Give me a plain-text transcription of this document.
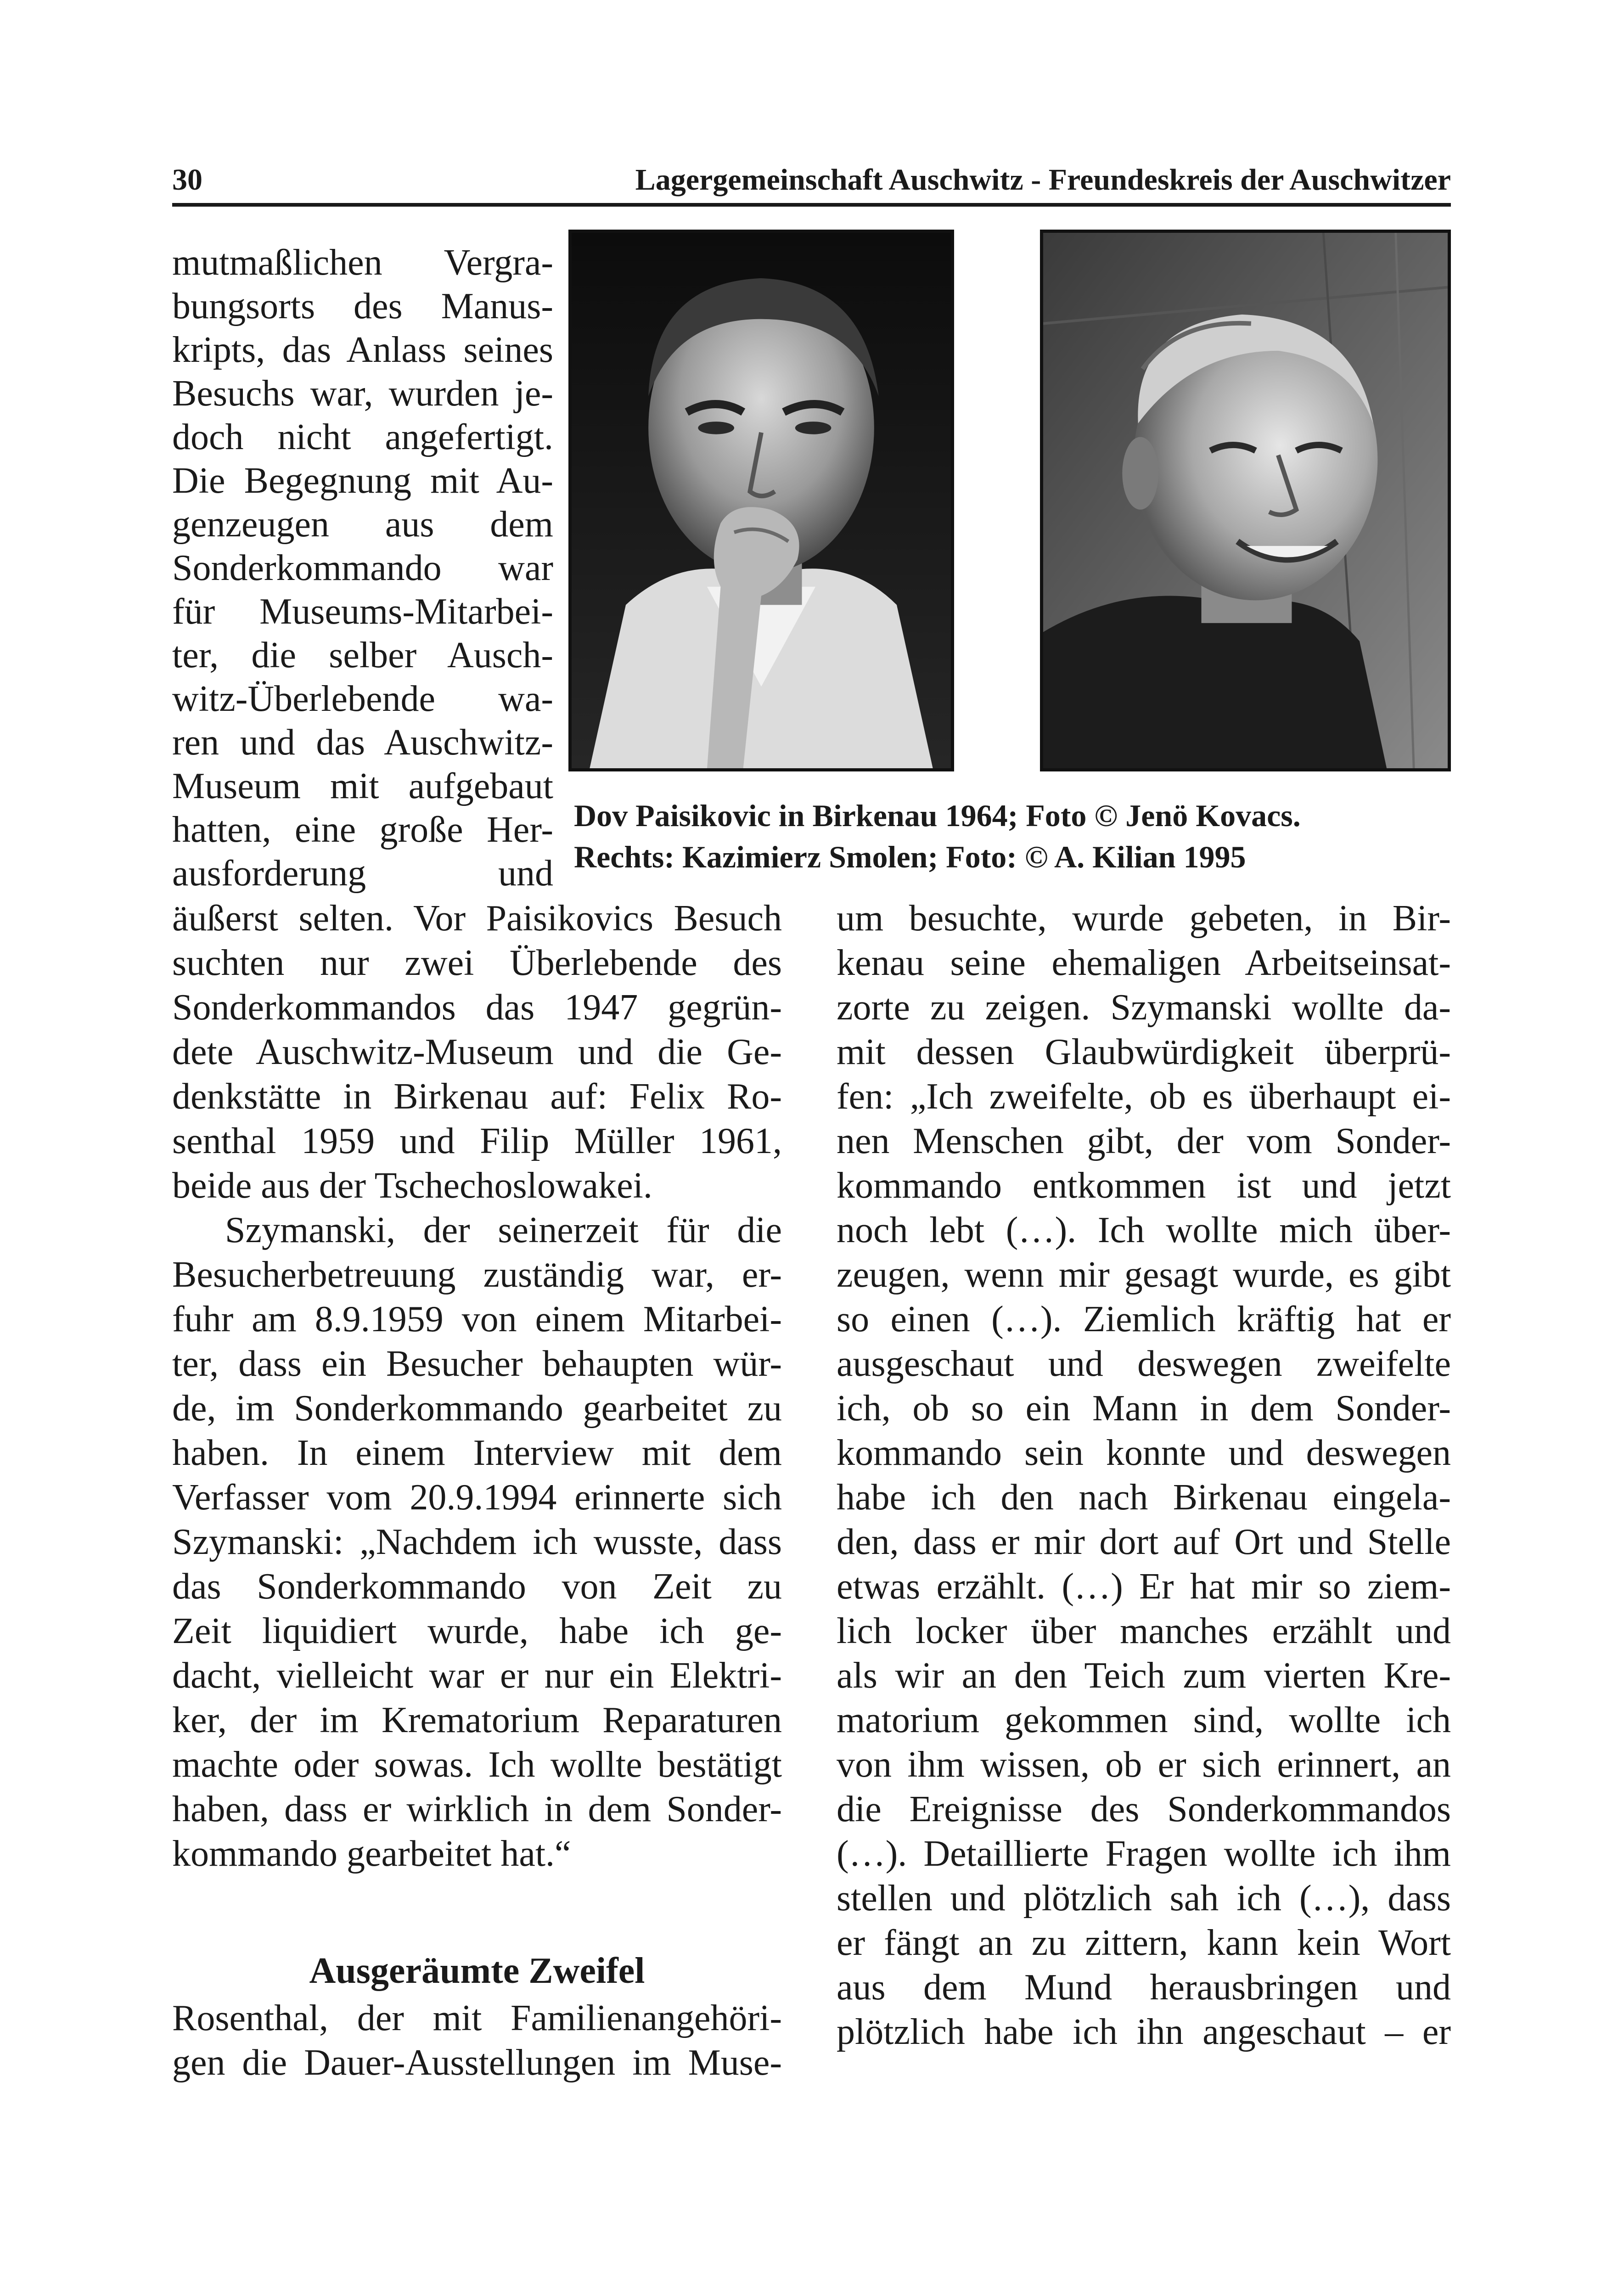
30	Lagergemeinschaft Auschwitz - Freundeskreis der Auschwitzer
mutmaßlichen Vergra-
bungsorts des Manus-
kripts, das Anlass seines
Besuchs war, wurden je-
doch nicht angefertigt.
Die Begegnung mit Au-
genzeugen aus dem
Sonderkommando war
für Museums-Mitarbei-
ter, die selber Ausch-
witz-Überlebende wa-
ren und das Auschwitz-
Museum mit aufgebaut
hatten, eine große Her-
ausforderung und
Dov Paisikovic in Birkenau 1964; Foto © Jenö Kovacs.
Rechts: Kazimierz Smolen; Foto: © A. Kilian 1995
äußerst selten. Vor Paisikovics Besuch
suchten nur zwei Überlebende des
Sonderkommandos das 1947 gegrün-
dete Auschwitz-Museum und die Ge-
denkstätte in Birkenau auf: Felix Ro-
senthal 1959 und Filip Müller 1961,
beide aus der Tschechoslowakei.
Szymanski, der seinerzeit für die
Besucherbetreuung zuständig war, er-
fuhr am 8.9.1959 von einem Mitarbei-
ter, dass ein Besucher behaupten wür-
de, im Sonderkommando gearbeitet zu
haben. In einem Interview mit dem
Verfasser vom 20.9.1994 erinnerte sich
Szymanski: „Nachdem ich wusste, dass
das Sonderkommando von Zeit zu
Zeit liquidiert wurde, habe ich ge-
dacht, vielleicht war er nur ein Elektri-
ker, der im Krematorium Reparaturen
machte oder sowas. Ich wollte bestätigt
haben, dass er wirklich in dem Sonder-
kommando gearbeitet hat.“
Ausgeräumte Zweifel
Rosenthal, der mit Familienangehöri-
gen die Dauer-Ausstellungen im Muse-
um besuchte, wurde gebeten, in Bir-
kenau seine ehemaligen Arbeitseinsat-
zorte zu zeigen. Szymanski wollte da-
mit dessen Glaubwürdigkeit überprü-
fen: „Ich zweifelte, ob es überhaupt ei-
nen Menschen gibt, der vom Sonder-
kommando entkommen ist und jetzt
noch lebt (…). Ich wollte mich über-
zeugen, wenn mir gesagt wurde, es gibt
so einen (…). Ziemlich kräftig hat er
ausgeschaut und deswegen zweifelte
ich, ob so ein Mann in dem Sonder-
kommando sein konnte und deswegen
habe ich den nach Birkenau eingela-
den, dass er mir dort auf Ort und Stelle
etwas erzählt. (…) Er hat mir so ziem-
lich locker über manches erzählt und
als wir an den Teich zum vierten Kre-
matorium gekommen sind, wollte ich
von ihm wissen, ob er sich erinnert, an
die Ereignisse des Sonderkommandos
(…). Detaillierte Fragen wollte ich ihm
stellen und plötzlich sah ich (…), dass
er fängt an zu zittern, kann kein Wort
aus dem Mund herausbringen und
plötzlich habe ich ihn angeschaut – er
